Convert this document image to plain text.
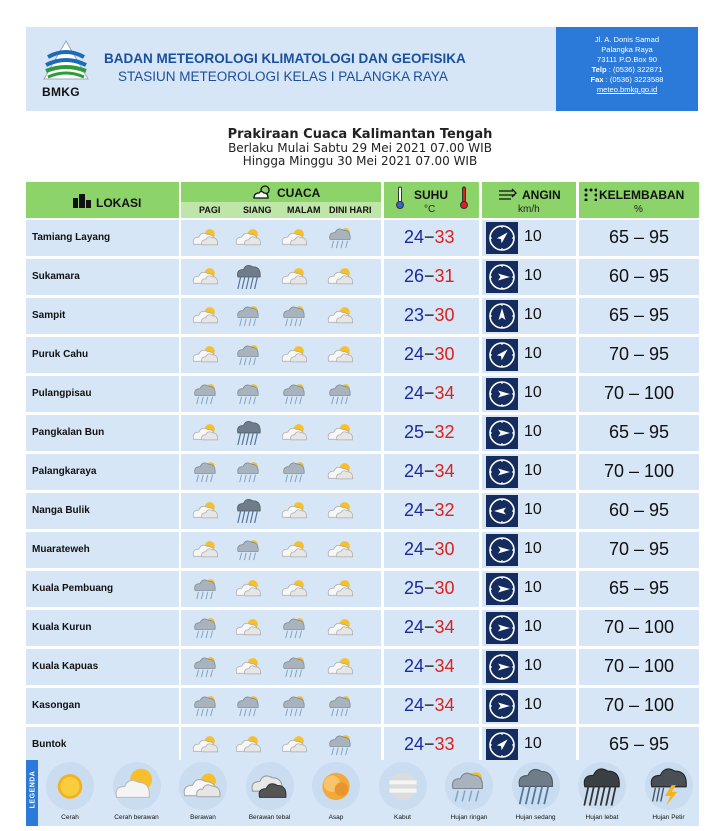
BMKG
BADAN METEOROLOGI KLIMATOLOGI DAN GEOFISIKA
STASIUN METEOROLOGI KELAS I PALANGKA RAYA
Jl. A. Donis Samad
Palangka Raya
73111 P.O.Box 90
Telp : (0536) 322871
Fax : (0536) 3223588
meteo.bmkg.go.id
Prakiraan Cuaca Kalimantan Tengah
Berlaku Mulai Sabtu 29 Mei 2021 07.00 WIB
Hingga Minggu 30 Mei 2021 07.00 WIB
LOKASI
CUACA
PAGI	SIANG MALAM DINI HARI
SUHU
°C
ANGIN
km/h
KELEMBABAN
%
Tamiang Layang	24−33	10	65 – 95
Sukamara	26−31	10	60 – 95
Sampit	23−30	10	65 – 95
Puruk Cahu	24−30	10	70 – 95
Pulangpisau	24−34	10	70 – 100
Pangkalan Bun	25−32	10	65 – 95
Palangkaraya	24−34	10	70 – 100
Nanga Bulik	24−32	10	60 – 95
Muarateweh	24−30	10	70 – 95
Kuala Pembuang	25−30	10	65 – 95
Kuala Kurun	24−34	10	70 – 100
Kuala Kapuas	24−34	10	70 – 100
Kasongan	24−34	10	70 – 100
Buntok	24−33	10	65 – 95
LEGENDA
Cerah	Cerah berawan	Berawan	Berawan tebal	Asap	Kabut	Hujan ringan	Hujan sedang	Hujan lebat	Hujan Petir
